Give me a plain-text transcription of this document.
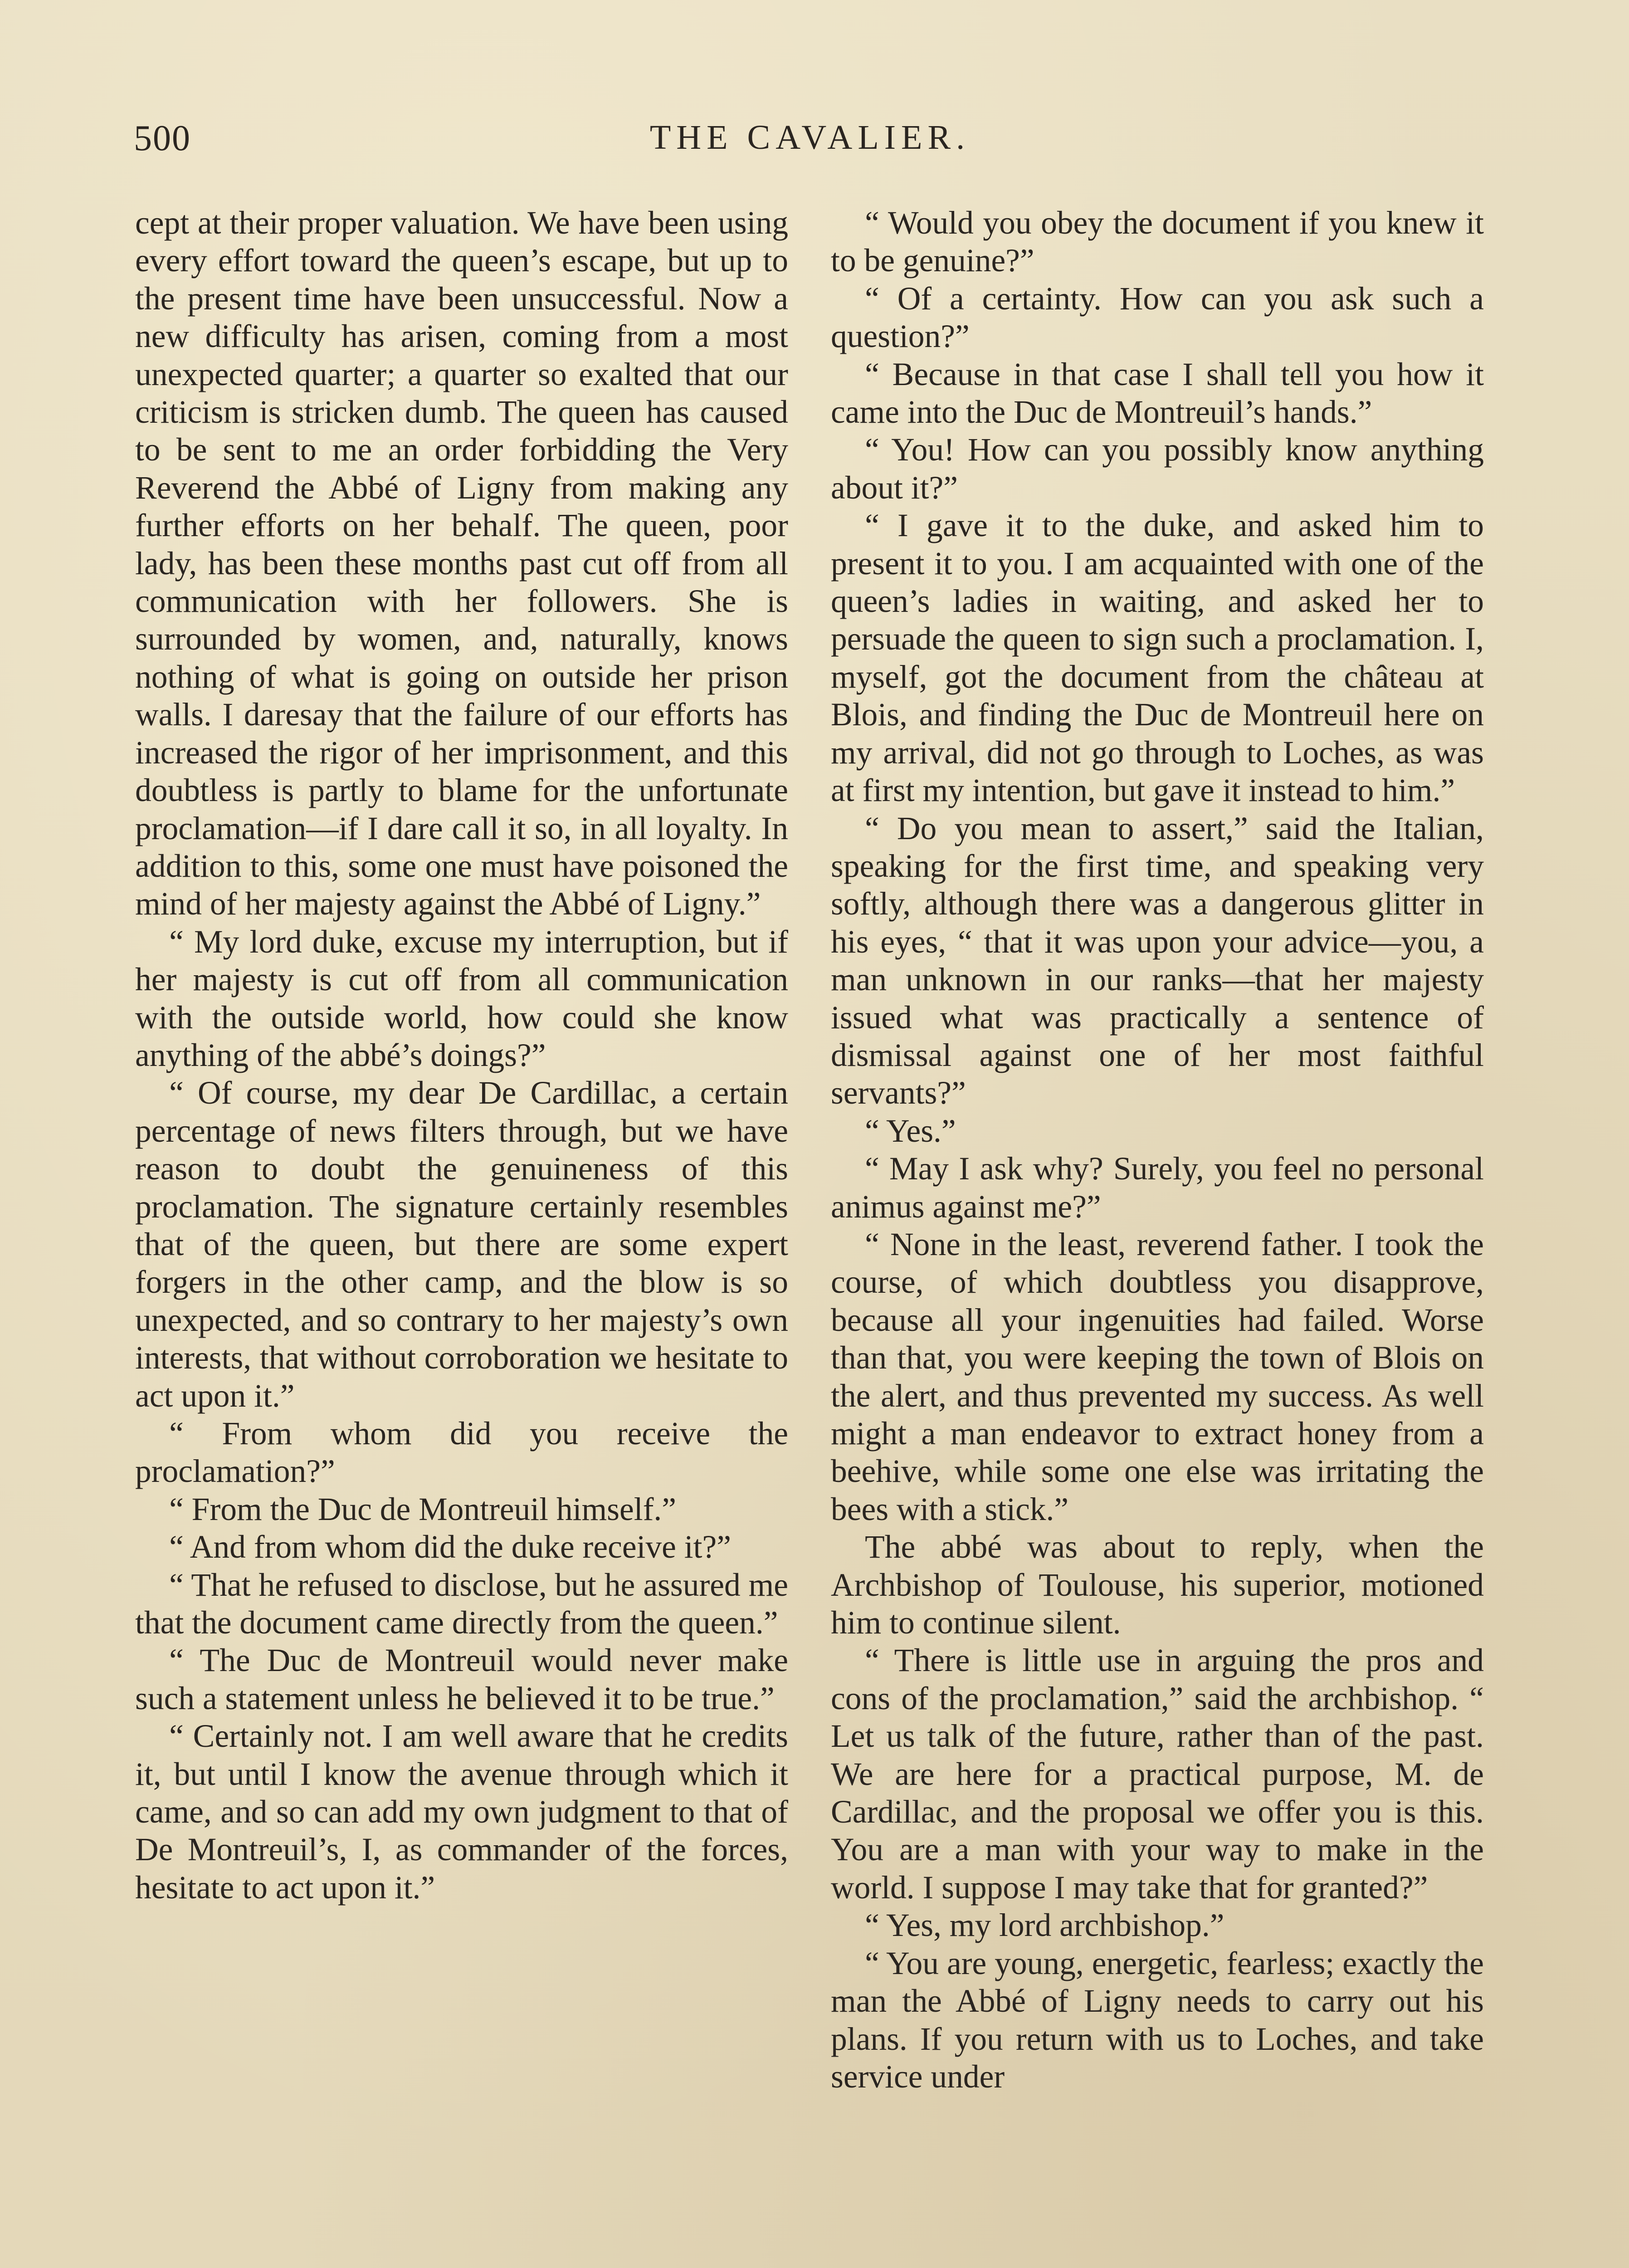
500	THE CAVALIER.

cept at their proper valuation. We have been using every effort toward the queen’s escape, but up to the present time have been unsuccessful. Now a new difficulty has arisen, coming from a most unexpected quarter; a quarter so exalted that our criticism is stricken dumb. The queen has caused to be sent to me an order forbidding the Very Reverend the Abbé of Ligny from making any further efforts on her behalf. The queen, poor lady, has been these months past cut off from all communication with her followers. She is surrounded by women, and, naturally, knows nothing of what is going on outside her prison walls. I daresay that the failure of our efforts has increased the rigor of her imprisonment, and this doubtless is partly to blame for the unfortunate proclamation—if I dare call it so, in all loyalty. In addition to this, some one must have poisoned the mind of her majesty against the Abbé of Ligny.”

“ My lord duke, excuse my interruption, but if her majesty is cut off from all communication with the outside world, how could she know anything of the abbé’s doings?”

“ Of course, my dear De Cardillac, a certain percentage of news filters through, but we have reason to doubt the genuineness of this proclamation. The signature certainly resembles that of the queen, but there are some expert forgers in the other camp, and the blow is so unexpected, and so contrary to her majesty’s own interests, that without corroboration we hesitate to act upon it.”

“ From whom did you receive the proclamation?”

“ From the Duc de Montreuil himself.”

“ And from whom did the duke receive it?”

“ That he refused to disclose, but he assured me that the document came directly from the queen.”

“ The Duc de Montreuil would never make such a statement unless he believed it to be true.”

“ Certainly not. I am well aware that he credits it, but until I know the avenue through which it came, and so can add my own judgment to that of De Montreuil’s, I, as commander of the forces, hesitate to act upon it.”

“ Would you obey the document if you knew it to be genuine?”

“ Of a certainty. How can you ask such a question?”

“ Because in that case I shall tell you how it came into the Duc de Montreuil’s hands.”

“ You! How can you possibly know anything about it?”

“ I gave it to the duke, and asked him to present it to you. I am acquainted with one of the queen’s ladies in waiting, and asked her to persuade the queen to sign such a proclamation. I, myself, got the document from the château at Blois, and finding the Duc de Montreuil here on my arrival, did not go through to Loches, as was at first my intention, but gave it instead to him.”

“ Do you mean to assert,” said the Italian, speaking for the first time, and speaking very softly, although there was a dangerous glitter in his eyes, “ that it was upon your advice—you, a man unknown in our ranks—that her majesty issued what was practically a sentence of dismissal against one of her most faithful servants?”

“ Yes.”

“ May I ask why? Surely, you feel no personal animus against me?”

“ None in the least, reverend father. I took the course, of which doubtless you disapprove, because all your ingenuities had failed. Worse than that, you were keeping the town of Blois on the alert, and thus prevented my success. As well might a man endeavor to extract honey from a beehive, while some one else was irritating the bees with a stick.”

The abbé was about to reply, when the Archbishop of Toulouse, his superior, motioned him to continue silent.

“ There is little use in arguing the pros and cons of the proclamation,” said the archbishop. “ Let us talk of the future, rather than of the past. We are here for a practical purpose, M. de Cardillac, and the proposal we offer you is this. You are a man with your way to make in the world. I suppose I may take that for granted?”

“ Yes, my lord archbishop.”

“ You are young, energetic, fearless; exactly the man the Abbé of Ligny needs to carry out his plans. If you return with us to Loches, and take service under
